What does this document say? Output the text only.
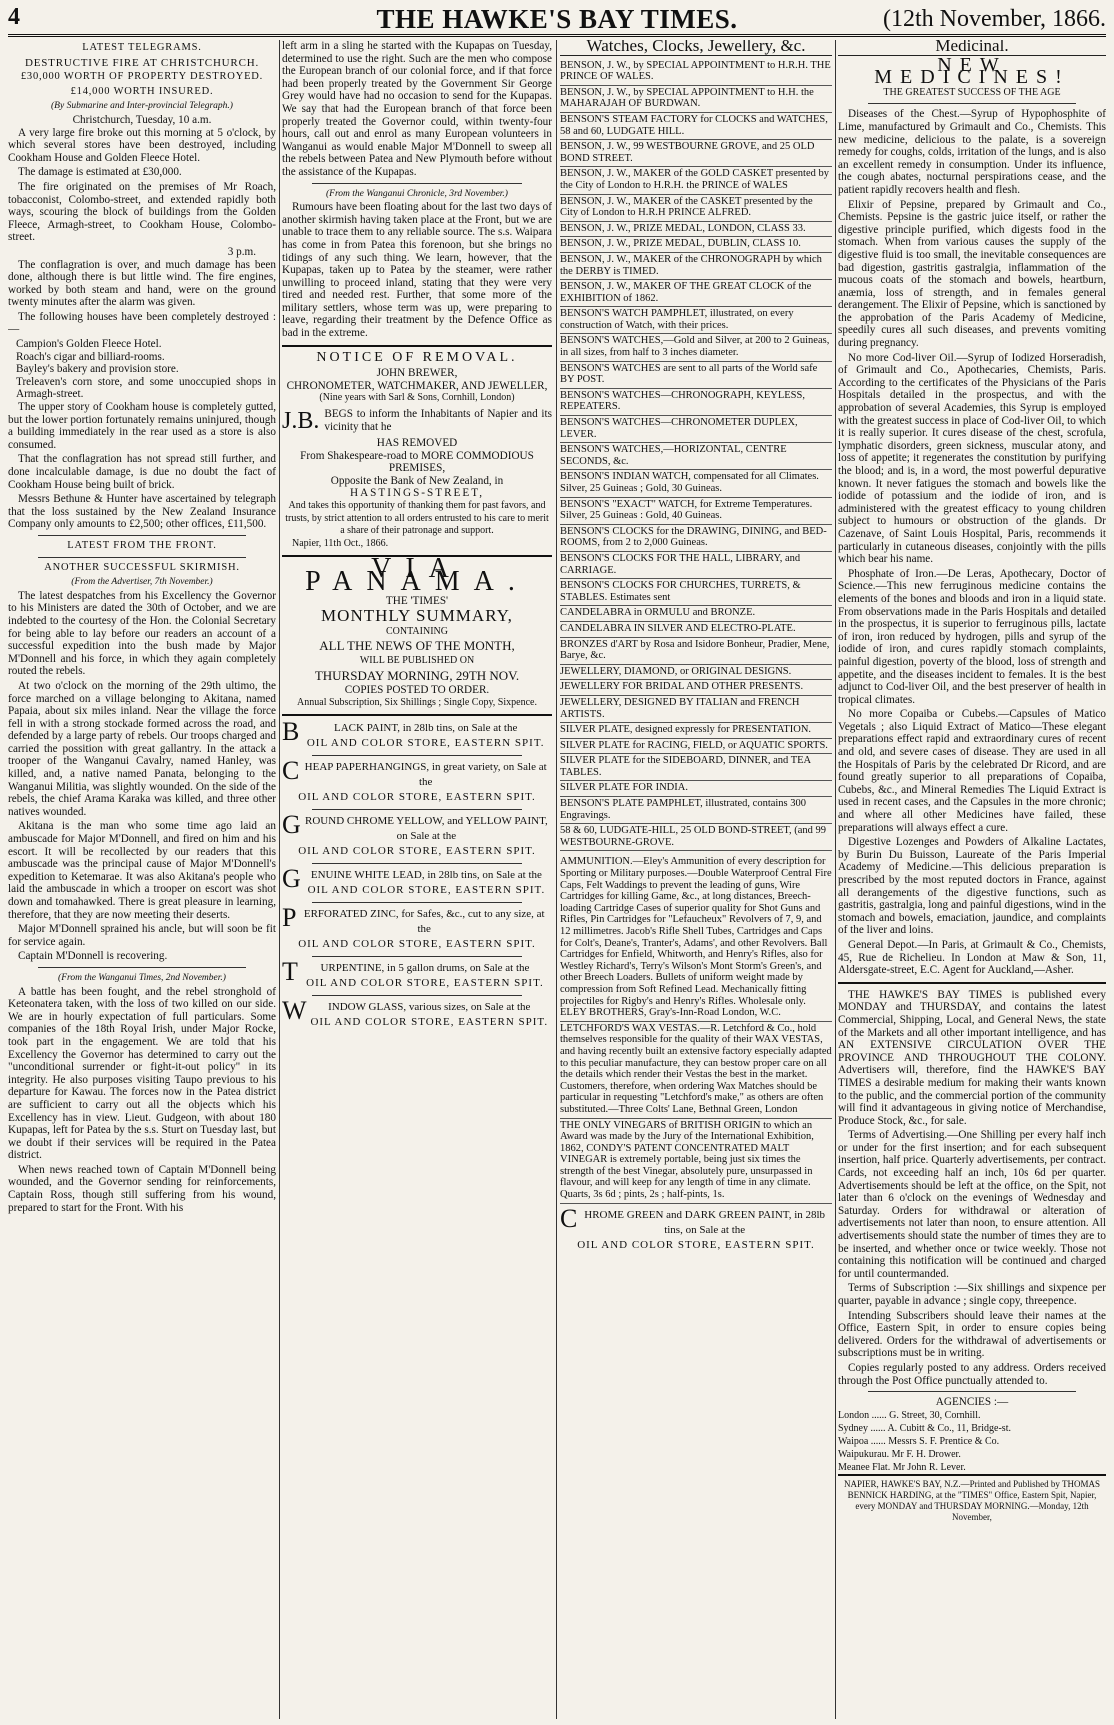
4	THE HAWKE'S BAY TIMES.	(12th November, 1866.
LATEST TELEGRAMS.
DESTRUCTIVE FIRE AT CHRISTCHURCH.
£30,000 WORTH OF PROPERTY DESTROYED.
£14,000 WORTH INSURED.
(By Submarine and Inter-provincial Telegraph.)
Christchurch, Tuesday, 10 a.m.

A very large fire broke out this morning at 5 o'clock, by which several stores have been destroyed, including Cookham House and Golden Fleece Hotel.

The damage is estimated at £30,000.

The fire originated on the premises of Mr Roach, tobacconist, Colombo-street, and extended rapidly both ways, scouring the block of buildings from the Golden Fleece, Armagh-street, to Cookham House, Colombo-street.

3 p.m.

The conflagration is over, and much damage has been done, although there is but little wind. The fire engines, worked by both steam and hand, were on the ground twenty minutes after the alarm was given.

The following houses have been completely destroyed :—

Campion's Golden Fleece Hotel.
Roach's cigar and billiard-rooms.
Bayley's bakery and provision store.
Treleaven's corn store, and some unoccupied shops in Armagh-street.

The upper story of Cookham house is completely gutted, but the lower portion fortunately remains uninjured, though a building immediately in the rear used as a store is also consumed.

That the conflagration has not spread still further, and done incalculable damage, is due no doubt the fact of Cookham House being built of brick.

Messrs Bethune & Hunter have ascertained by telegraph that the loss sustained by the New Zealand Insurance Company only amounts to £2,500; other offices, £11,500.

LATEST FROM THE FRONT.
ANOTHER SUCCESSFUL SKIRMISH.
(From the Advertiser, 7th November.)

The latest despatches from his Excellency the Governor to his Ministers are dated the 30th of October, and we are indebted to the courtesy of the Hon. the Colonial Secretary for being able to lay before our readers an account of a successful expedition into the bush made by Major M'Donnell and his force, in which they again completely routed the rebels.

At two o'clock on the morning of the 29th ultimo, the force marched on a village belonging to Akitana, named Papaia, about six miles inland. Near the village the force fell in with a strong stockade formed across the road, and defended by a large party of rebels. Our troops charged and carried the possition with great gallantry. In the attack a trooper of the Wanganui Cavalry, named Hanley, was killed, and, a native named Panata, belonging to the Wanganui Militia, was slightly wounded. On the side of the rebels, the chief Arama Karaka was killed, and three other natives wounded.

Akitana is the man who some time ago laid an ambuscade for Major M'Donnell, and fired on him and his escort. It will be recollected by our readers that this ambuscade was the principal cause of Major M'Donnell's expedition to Ketemarae. It was also Akitana's people who laid the ambuscade in which a trooper on escort was shot down and tomahawked. There is great pleasure in learning, therefore, that they are now meeting their deserts.

Major M'Donnell sprained his ancle, but will soon be fit for service again.

Captain M'Donnell is recovering.

(From the Wanganui Times, 2nd November.)

A battle has been fought, and the rebel stronghold of Keteonatera taken, with the loss of two killed on our side. We are in hourly expectation of full particulars. Some companies of the 18th Royal Irish, under Major Rocke, took part in the engagement. We are told that his Excellency the Governor has determined to carry out the "unconditional surrender or fight-it-out policy" in its integrity. He also purposes visiting Taupo previous to his departure for Kawau. The forces now in the Patea district are sufficient to carry out all the objects which his Excellency has in view. Lieut. Gudgeon, with about 180 Kupapas, left for Patea by the s.s. Sturt on Tuesday last, but we doubt if their services will be required in the Patea district.

When news reached town of Captain M'Donnell being wounded, and the Governor sending for reinforcements, Captain Ross, though still suffering from his wound, prepared to start for the Front. With his

left arm in a sling he started with the Kupapas on Tuesday, determined to use the right. Such are the men who compose the European branch of our colonial force, and if that force had been properly treated by the Government Sir George Grey would have had no occasion to send for the Kupapas. We say that had the European branch of that force been properly treated the Governor could, within twenty-four hours, call out and enrol as many European volunteers in Wanganui as would enable Major M'Donnell to sweep all the rebels between Patea and New Plymouth before without the assistance of the Kupapas.

(From the Wanganui Chronicle, 3rd November.)

Rumours have been floating about for the last two days of another skirmish having taken place at the Front, but we are unable to trace them to any reliable source. The s.s. Waipara has come in from Patea this forenoon, but she brings no tidings of any such thing. We learn, however, that the Kupapas, taken up to Patea by the steamer, were rather unwilling to proceed inland, stating that they were very tired and needed rest. Further, that some more of the military settlers, whose term was up, were preparing to leave, regarding their treatment by the Defence Office as bad in the extreme.

NOTICE OF REMOVAL.
JOHN BREWER,
CHRONOMETER, WATCHMAKER, AND JEWELLER,
(Nine years with Sarl & Sons, Cornhill, London)
J.B. BEGS to inform the Inhabitants of Napier and its vicinity that he
HAS REMOVED
From Shakespeare-road to MORE COMMODIOUS PREMISES,
Opposite the Bank of New Zealand, in
HASTINGS-STREET,
And takes this opportunity of thanking them for past favors, and trusts, by strict attention to all orders entrusted to his care to merit a share of their patronage and support.
Napier, 11th Oct., 1866.
VIA PANAMA.
THE 'TIMES'
MONTHLY SUMMARY,
CONTAINING
ALL THE NEWS OF THE MONTH,
WILL BE PUBLISHED ON
THURSDAY MORNING, 29TH NOV.
COPIES POSTED TO ORDER.
Annual Subscription, Six Shillings ; Single Copy, Sixpence.
B	LACK PAINT, in 28lb tins, on Sale at the
OIL AND COLOR STORE, EASTERN SPIT.
CHEAP PAPERHANGINGS, in great variety, on Sale at the
OIL AND COLOR STORE, EASTERN SPIT.
GROUND CHROME YELLOW, and YELLOW PAINT, on Sale at the
OIL AND COLOR STORE, EASTERN SPIT.
GENUINE WHITE LEAD, in 28lb tins, on Sale at the
OIL AND COLOR STORE, EASTERN SPIT.
PERFORATED ZINC, for Safes, &c., cut to any size, at the
OIL AND COLOR STORE, EASTERN SPIT.
T URPENTINE, in 5 gallon drums, on Sale at the
OIL AND COLOR STORE, EASTERN SPIT.
W INDOW GLASS, various sizes, on Sale at the
OIL AND COLOR STORE, EASTERN SPIT.
Watches, Clocks, Jewellery, &c.
BENSON, J. W., by SPECIAL APPOINTMENT to H.R.H. THE PRINCE OF WALES.
BENSON, J. W., by SPECIAL APPOINTMENT to H.H. the MAHARAJAH OF BURDWAN.
BENSON'S STEAM FACTORY for CLOCKS and WATCHES, 58 and 60, LUDGATE HILL.
BENSON, J. W., 99 WESTBOURNE GROVE, and 25 OLD BOND STREET.
BENSON, J. W., MAKER of the GOLD CASKET presented by the City of London to H.R.H. the PRINCE of WALES
BENSON, J. W., MAKER of the CASKET presented by the City of London to H.R.H PRINCE ALFRED.
BENSON, J. W., PRIZE MEDAL, LONDON, CLASS 33.
BENSON, J. W., PRIZE MEDAL, DUBLIN, CLASS 10.
BENSON, J. W., MAKER of the CHRONOGRAPH by which the DERBY is TIMED.
BENSON, J. W., MAKER OF THE GREAT CLOCK of the EXHIBITION of 1862.
BENSON'S WATCH PAMPHLET, illustrated, on every construction of Watch, with their prices.
BENSON'S WATCHES,—Gold and Silver, at 200 to 2 Guineas, in all sizes, from half to 3 inches diameter.
BENSON'S WATCHES are sent to all parts of the World safe BY POST.
BENSON'S WATCHES—CHRONOGRAPH, KEYLESS, REPEATERS.
BENSON'S WATCHES—CHRONOMETER DUPLEX, LEVER.
BENSON'S WATCHES,—HORIZONTAL, CENTRE SECONDS, &c.
BENSON'S INDIAN WATCH, compensated for all Climates. Silver, 25 Guineas ; Gold, 30 Guineas.
BENSON'S "EXACT" WATCH, for Extreme Temperatures. Silver, 25 Guineas : Gold, 40 Guineas.
BENSON'S CLOCKS for the DRAWING, DINING, and BED-ROOMS, from 2 to 2,000 Guineas.
BENSON'S CLOCKS FOR THE HALL, LIBRARY, and CARRIAGE.
BENSON'S CLOCKS FOR CHURCHES, TURRETS, & STABLES. Estimates sent
CANDELABRA in ORMULU and BRONZE.
CANDELABRA IN SILVER AND ELECTRO-PLATE.
BRONZES d'ART by Rosa and Isidore Bonheur, Pradier, Mene, Barye, &c.
JEWELLERY, DIAMOND, or ORIGINAL DESIGNS.
JEWELLERY FOR BRIDAL AND OTHER PRESENTS.
JEWELLERY, DESIGNED BY ITALIAN and FRENCH ARTISTS.
SILVER PLATE, designed expressly for PRESENTATION.
SILVER PLATE for RACING, FIELD, or AQUATIC SPORTS.
SILVER PLATE for the SIDEBOARD, DINNER, and TEA TABLES.
SILVER PLATE FOR INDIA.
BENSON'S PLATE PAMPHLET, illustrated, contains 300 Engravings.
58 & 60, LUDGATE-HILL, 25 OLD BOND-STREET, (and 99 WESTBOURNE-GROVE.
AMMUNITION.—Eley's Ammunition of every description for Sporting or Military purposes.—Double Waterproof Central Fire Caps, Felt Waddings to prevent the leading of guns, Wire Cartridges for killing Game, &c., at long distances, Breech-loading Cartridge Cases of superior quality for Shot Guns and Rifles, Pin Cartridges for "Lefaucheux" Revolvers of 7, 9, and 12 millimetres. Jacob's Rifle Shell Tubes, Cartridges and Caps for Colt's, Deane's, Tranter's, Adams', and other Revolvers. Ball Cartridges for Enfield, Whitworth, and Henry's Rifles, also for Westley Richard's, Terry's Wilson's Mont Storm's Green's, and other Breech Loaders. Bullets of uniform weight made by compression from Soft Refined Lead. Mechanically fitting projectiles for Rigby's and Henry's Rifles. Wholesale only. ELEY BROTHERS, Gray's-Inn-Road London, W.C.
LETCHFORD'S WAX VESTAS.—R. Letchford & Co., hold themselves responsible for the quality of their WAX VESTAS, and having recently built an extensive factory especially adapted to this peculiar manufacture, they can bestow proper care on all the details which render their Vestas the best in the market. Customers, therefore, when ordering Wax Matches should be particular in requesting "Letchford's make," as others are often substituted.—Three Colts' Lane, Bethnal Green, London
THE ONLY VINEGARS of BRITISH ORIGIN to which an Award was made by the Jury of the International Exhibition, 1862, CONDY'S PATENT CONCENTRATED MALT VINEGAR is extremely portable, being just six times the strength of the best Vinegar, absolutely pure, unsurpassed in flavour, and will keep for any length of time in any climate. Quarts, 3s 6d ; pints, 2s ; half-pints, 1s.
C HROME GREEN and DARK GREEN PAINT, in 28lb tins, on Sale at the
OIL AND COLOR STORE, EASTERN SPIT.
Medicinal.
NEW MEDICINES!
THE GREATEST SUCCESS OF THE AGE

Diseases of the Chest.—Syrup of Hypophosphite of Lime, manufactured by Grimault and Co., Chemists. This new medicine, delicious to the palate, is a sovereign remedy for coughs, colds, irritation of the lungs, and is also an excellent remedy in consumption. Under its influence, the cough abates, nocturnal perspirations cease, and the patient rapidly recovers health and flesh.

Elixir of Pepsine, prepared by Grimault and Co., Chemists. Pepsine is the gastric juice itself, or rather the digestive principle purified, which digests food in the stomach. When from various causes the supply of the digestive fluid is too small, the inevitable consequences are bad digestion, gastritis gastralgia, inflammation of the mucous coats of the stomach and bowels, heartburn, anæmia, loss of strength, and in females general derangement. The Elixir of Pepsine, which is sanctioned by the approbation of the Paris Academy of Medicine, speedily cures all such diseases, and prevents vomiting during pregnancy.

No more Cod-liver Oil.—Syrup of Iodized Horseradish, of Grimault and Co., Apothecaries, Chemists, Paris. According to the certificates of the Physicians of the Paris Hospitals detailed in the prospectus, and with the approbation of several Academies, this Syrup is employed with the greatest success in place of Cod-liver Oil, to which it is really superior. It cures disease of the chest, scrofula, lymphatic disorders, green sickness, muscular atony, and loss of appetite; it regenerates the constitution by purifying the blood; and is, in a word, the most powerful depurative known. It never fatigues the stomach and bowels like the iodide of potassium and the iodide of iron, and is administered with the greatest efficacy to young children subject to humours or obstruction of the glands. Dr Cazenave, of Saint Louis Hospital, Paris, recommends it particularly in cutaneous diseases, conjointly with the pills which bear his name.

Phosphate of Iron.—De Leras, Apothecary, Doctor of Science.—This new ferruginous medicine contains the elements of the bones and bloods and iron in a liquid state. From observations made in the Paris Hospitals and detailed in the prospectus, it is superior to ferruginous pills, lactate of iron, iron reduced by hydrogen, pills and syrup of the iodide of iron, and cures rapidly stomach complaints, painful digestion, poverty of the blood, loss of strength and appetite, and the diseases incident to females. It is the best adjunct to Cod-liver Oil, and the best preserver of health in tropical climates.

No more Copaiba or Cubebs.—Capsules of Matico Vegetals ; also Liquid Extract of Matico—These elegant preparations effect rapid and extraordinary cures of recent and old, and severe cases of disease. They are used in all the Hospitals of Paris by the celebrated Dr Ricord, and are found greatly superior to all preparations of Copaiba, Cubebs, &c., and Mineral Remedies The Liquid Extract is used in recent cases, and the Capsules in the more chronic; and where all other Medicines have failed, these preparations will always effect a cure.

Digestive Lozenges and Powders of Alkaline Lactates, by Burin Du Buisson, Laureate of the Paris Imperial Academy of Medicine.—This delicious preparation is prescribed by the most reputed doctors in France, against all derangements of the digestive functions, such as gastritis, gastralgia, long and painful digestions, wind in the stomach and bowels, emaciation, jaundice, and complaints of the liver and loins.

General Depot.—In Paris, at Grimault & Co., Chemists, 45, Rue de Richelieu. In London at Maw & Son, 11, Aldersgate-street, E.C. Agent for Auckland,—Asher.

THE HAWKE'S BAY TIMES is published every MONDAY and THURSDAY, and contains the latest Commercial, Shipping, Local, and General News, the state of the Markets and all other important intelligence, and has AN EXTENSIVE CIRCULATION OVER THE PROVINCE AND THROUGHOUT THE COLONY. Advertisers will, therefore, find the HAWKE'S BAY TIMES a desirable medium for making their wants known to the public, and the commercial portion of the community will find it advantageous in giving notice of Merchandise, Produce Stock, &c., for sale.

Terms of Advertising.—One Shilling per every half inch or under for the first insertion; and for each subsequent insertion, half price. Quarterly advertisements, per contract. Cards, not exceeding half an inch, 10s 6d per quarter. Advertisements should be left at the office, on the Spit, not later than 6 o'clock on the evenings of Wednesday and Saturday. Orders for withdrawal or alteration of advertisements not later than noon, to ensure attention. All advertisements should state the number of times they are to be inserted, and whether once or twice weekly. Those not containing this notification will be continued and charged for until countermanded.

Terms of Subscription :—Six shillings and sixpence per quarter, payable in advance ; single copy, threepence.

Intending Subscribers should leave their names at the Office, Eastern Spit, in order to ensure copies being delivered. Orders for the withdrawal of advertisements or subscriptions must be in writing.

Copies regularly posted to any address. Orders received through the Post Office punctually attended to.

AGENCIES :—
London ...... G. Street, 30, Cornhill.
Sydney ...... A. Cubitt & Co., 11, Bridge-st.
Waipoa ...... Messrs S. F. Prentice & Co.
Waipukurau. Mr F. H. Drower.
Meanee Flat. Mr John R. Lever.
NAPIER, HAWKE'S BAY, N.Z.—Printed and Published by THOMAS BENNICK HARDING, at the "TIMES" Office, Eastern Spit, Napier, every MONDAY and THURSDAY MORNING.—Monday, 12th November,
